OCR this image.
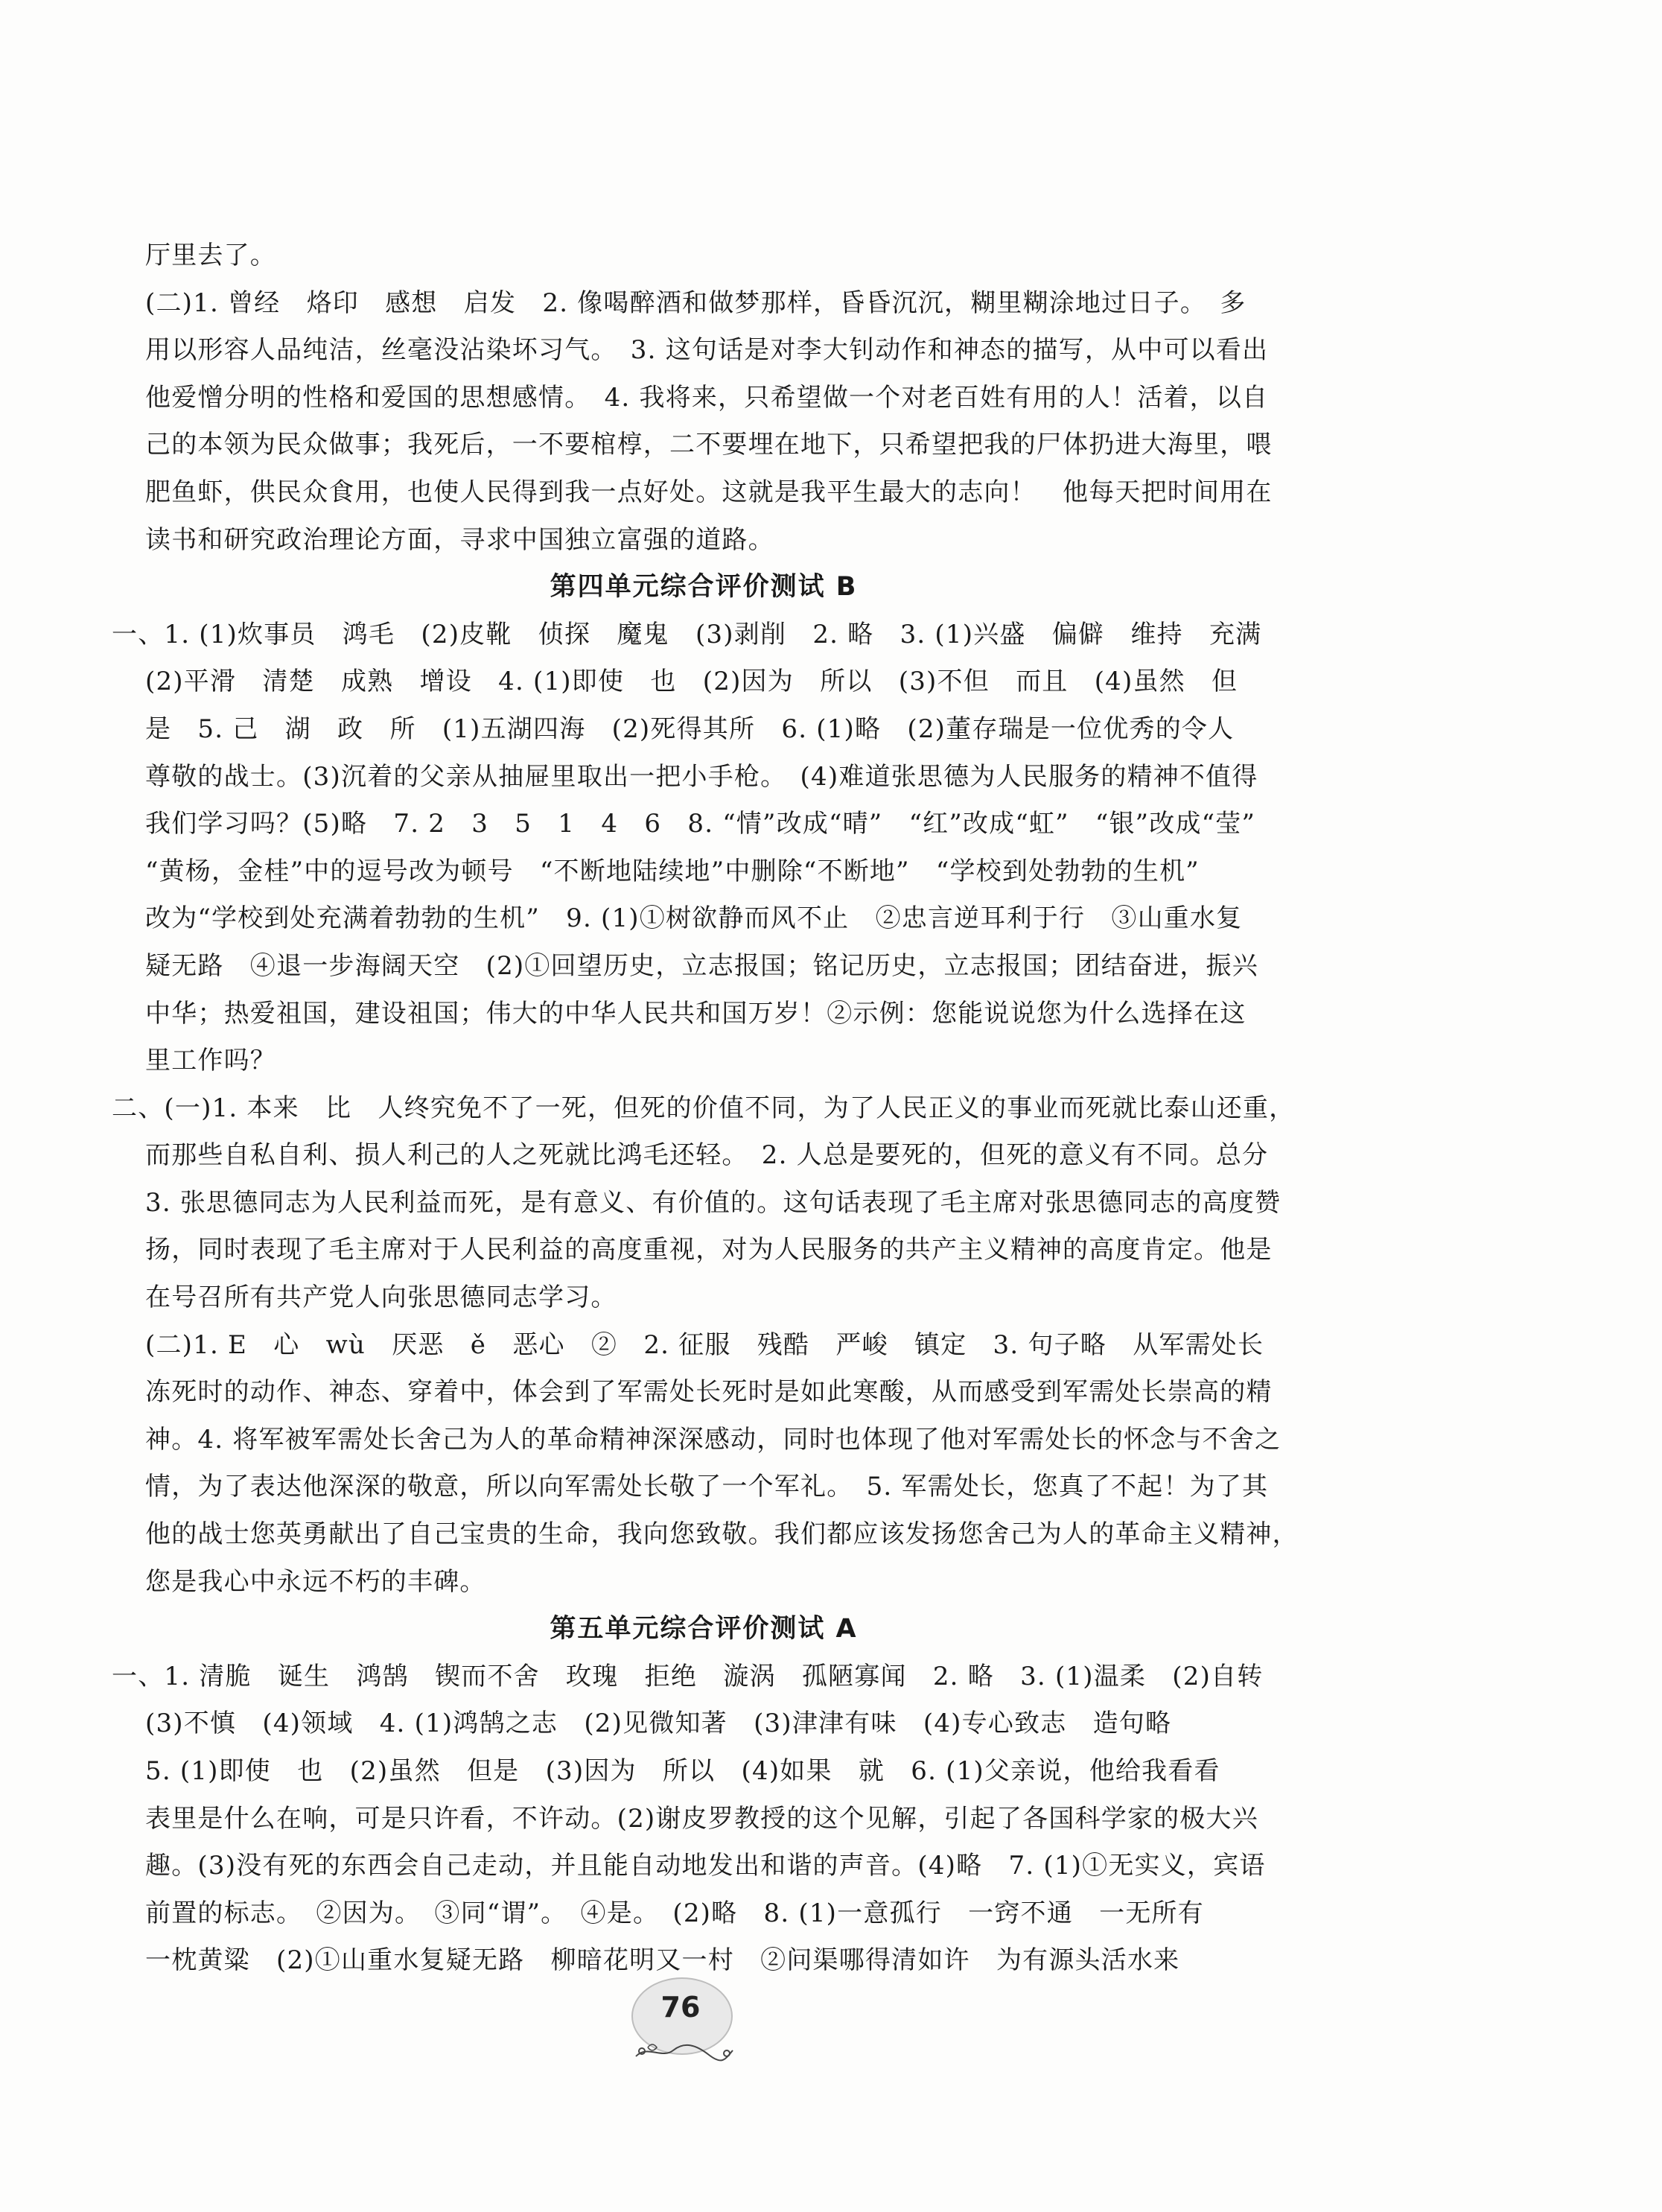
厅里去了。
(二)1. 曾经　烙印　感想　启发　2. 像喝醉酒和做梦那样，昏昏沉沉，糊里糊涂地过日子。　多
用以形容人品纯洁，丝毫没沾染坏习气。　3. 这句话是对李大钊动作和神态的描写，从中可以看出
他爱憎分明的性格和爱国的思想感情。　4. 我将来，只希望做一个对老百姓有用的人！活着，以自
己的本领为民众做事；我死后，一不要棺椁，二不要埋在地下，只希望把我的尸体扔进大海里，喂
肥鱼虾，供民众食用，也使人民得到我一点好处。这就是我平生最大的志向！　他每天把时间用在
读书和研究政治理论方面，寻求中国独立富强的道路。
第四单元综合评价测试 B
一、1. (1)炊事员　鸿毛　(2)皮靴　侦探　魔鬼　(3)剥削　2. 略　3. (1)兴盛　偏僻　维持　充满
(2)平滑　清楚　成熟　增设　4. (1)即使　也　(2)因为　所以　(3)不但　而且　(4)虽然　但
是　5. 己　湖　政　所　(1)五湖四海　(2)死得其所　6. (1)略　(2)董存瑞是一位优秀的令人
尊敬的战士。(3)沉着的父亲从抽屉里取出一把小手枪。　(4)难道张思德为人民服务的精神不值得
我们学习吗？(5)略　7. 2　3　5　1　4　6　8. “情”改成“晴”　“红”改成“虹”　“银”改成“莹”
“黄杨，金桂”中的逗号改为顿号　“不断地陆续地”中删除“不断地”　“学校到处勃勃的生机”
改为“学校到处充满着勃勃的生机”　9. (1)①树欲静而风不止　②忠言逆耳利于行　③山重水复
疑无路　④退一步海阔天空　(2)①回望历史，立志报国；铭记历史，立志报国；团结奋进，振兴
中华；热爱祖国，建设祖国；伟大的中华人民共和国万岁！②示例：您能说说您为什么选择在这
里工作吗？
二、(一)1. 本来　比　人终究免不了一死，但死的价值不同，为了人民正义的事业而死就比泰山还重，
而那些自私自利、损人利己的人之死就比鸿毛还轻。　2. 人总是要死的，但死的意义有不同。总分
3. 张思德同志为人民利益而死，是有意义、有价值的。这句话表现了毛主席对张思德同志的高度赞
扬，同时表现了毛主席对于人民利益的高度重视，对为人民服务的共产主义精神的高度肯定。他是
在号召所有共产党人向张思德同志学习。
(二)1. E　心　wù　厌恶　ě　恶心　②　2. 征服　残酷　严峻　镇定　3. 句子略　从军需处长
冻死时的动作、神态、穿着中，体会到了军需处长死时是如此寒酸，从而感受到军需处长崇高的精
神。4. 将军被军需处长舍己为人的革命精神深深感动，同时也体现了他对军需处长的怀念与不舍之
情，为了表达他深深的敬意，所以向军需处长敬了一个军礼。　5. 军需处长，您真了不起！为了其
他的战士您英勇献出了自己宝贵的生命，我向您致敬。我们都应该发扬您舍己为人的革命主义精神，
您是我心中永远不朽的丰碑。
第五单元综合评价测试 A
一、1. 清脆　诞生　鸿鹄　锲而不舍　玫瑰　拒绝　漩涡　孤陋寡闻　2. 略　3. (1)温柔　(2)自转
(3)不慎　(4)领域　4. (1)鸿鹄之志　(2)见微知著　(3)津津有味　(4)专心致志　造句略
5. (1)即使　也　(2)虽然　但是　(3)因为　所以　(4)如果　就　6. (1)父亲说，他给我看看
表里是什么在响，可是只许看，不许动。(2)谢皮罗教授的这个见解，引起了各国科学家的极大兴
趣。(3)没有死的东西会自己走动，并且能自动地发出和谐的声音。(4)略　7. (1)①无实义，宾语
前置的标志。　②因为。　③同“谓”。　④是。　(2)略　8. (1)一意孤行　一窍不通　一无所有
一枕黄粱　(2)①山重水复疑无路　柳暗花明又一村　②问渠哪得清如许　为有源头活水来
76
